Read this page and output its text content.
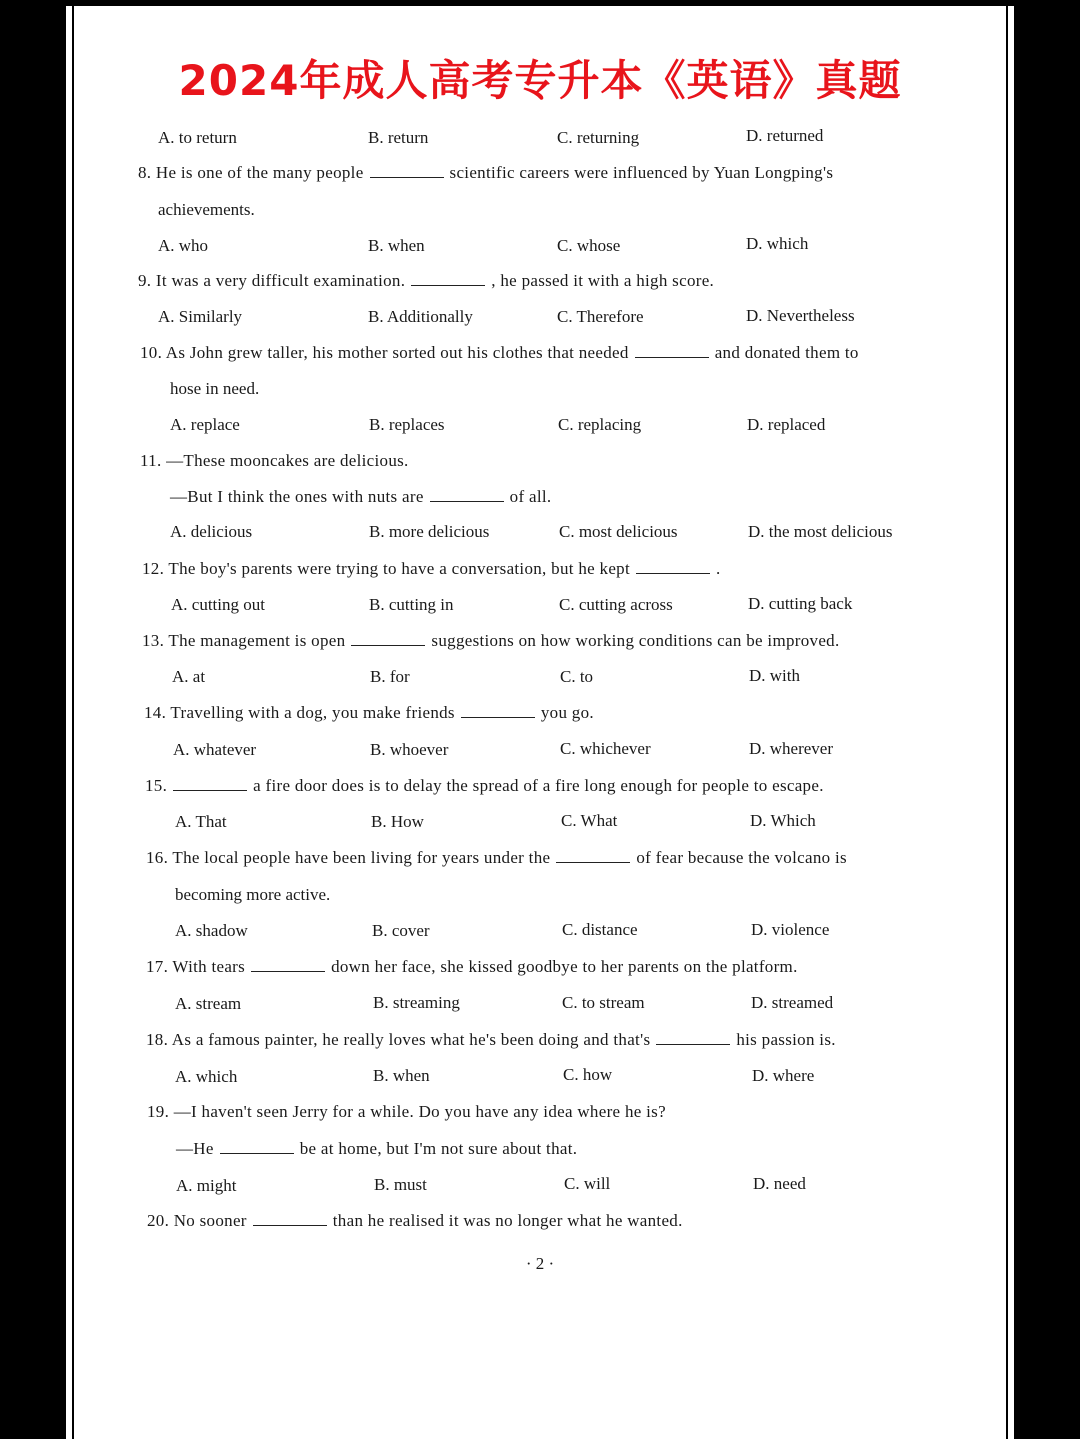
2024年成人高考专升本《英语》真题
A. to return	B. return	C. returning	D. returned
8. He is one of the many people	scientific careers were influenced by Yuan Longping's
achievements.
A. who	B. when	C. whose	D. which
9. It was a very difficult examination.	, he passed it with a high score.
A. Similarly	B. Additionally	C. Therefore	D. Nevertheless
10. As John grew taller, his mother sorted out his clothes that needed	and donated them to
hose in need.
A. replace	B. replaces	C. replacing	D. replaced
11. —These mooncakes are delicious.
—But I think the ones with nuts are	of all.
A. delicious	B. more delicious	C. most delicious	D. the most delicious
12. The boy's parents were trying to have a conversation, but he kept	.
A. cutting out	B. cutting in	C. cutting across	D. cutting back
13. The management is open	suggestions on how working conditions can be improved.
A. at	B. for	C. to	D. with
14. Travelling with a dog, you make friends	you go.
A. whatever	B. whoever	C. whichever	D. wherever
15.	a fire door does is to delay the spread of a fire long enough for people to escape.
A. That	B. How	C. What	D. Which
16. The local people have been living for years under the	of fear because the volcano is
becoming more active.
A. shadow	B. cover	C. distance	D. violence
17. With tears	down her face, she kissed goodbye to her parents on the platform.
A. stream	B. streaming	C. to stream	D. streamed
18. As a famous painter, he really loves what he's been doing and that's	his passion is.
A. which	B. when	C. how	D. where
19. —I haven't seen Jerry for a while. Do you have any idea where he is?
—He	be at home, but I'm not sure about that.
A. might	B. must	C. will	D. need
20. No sooner	than he realised it was no longer what he wanted.
· 2 ·
